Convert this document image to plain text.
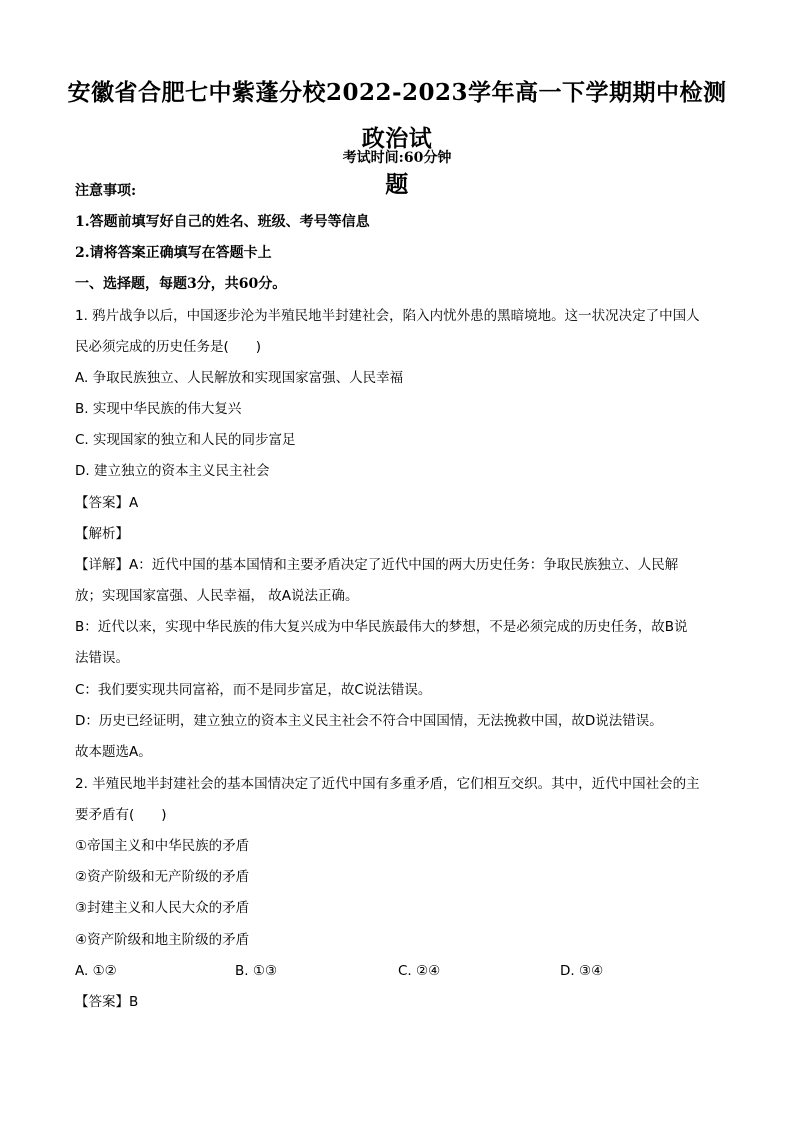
安徽省合肥七中紫蓬分校2022-2023学年高一下学期期中检测政治试
题
考试时间:60分钟
注意事项:
1.答题前填写好自己的姓名、班级、考号等信息
2.请将答案正确填写在答题卡上
一、选择题，每题3分，共60分。
1. 鸦片战争以后，中国逐步沦为半殖民地半封建社会，陷入内忧外患的黑暗境地。这一状况决定了中国人
民必须完成的历史任务是(　　)
A. 争取民族独立、人民解放和实现国家富强、人民幸福
B. 实现中华民族的伟大复兴
C. 实现国家的独立和人民的同步富足
D. 建立独立的资本主义民主社会
【答案】A
【解析】
【详解】A：近代中国的基本国情和主要矛盾决定了近代中国的两大历史任务：争取民族独立、人民解
放；实现国家富强、人民幸福， 故A说法正确。
B：近代以来，实现中华民族的伟大复兴成为中华民族最伟大的梦想，不是必须完成的历史任务，故B说
法错误。
C：我们要实现共同富裕，而不是同步富足，故C说法错误。
D：历史已经证明，建立独立的资本主义民主社会不符合中国国情，无法挽救中国，故D说法错误。
故本题选A。
2. 半殖民地半封建社会的基本国情决定了近代中国有多重矛盾，它们相互交织。其中，近代中国社会的主
要矛盾有(　　)
①帝国主义和中华民族的矛盾
②资产阶级和无产阶级的矛盾
③封建主义和人民大众的矛盾
④资产阶级和地主阶级的矛盾
A. ①②	B. ①③	C. ②④	D. ③④
【答案】B
